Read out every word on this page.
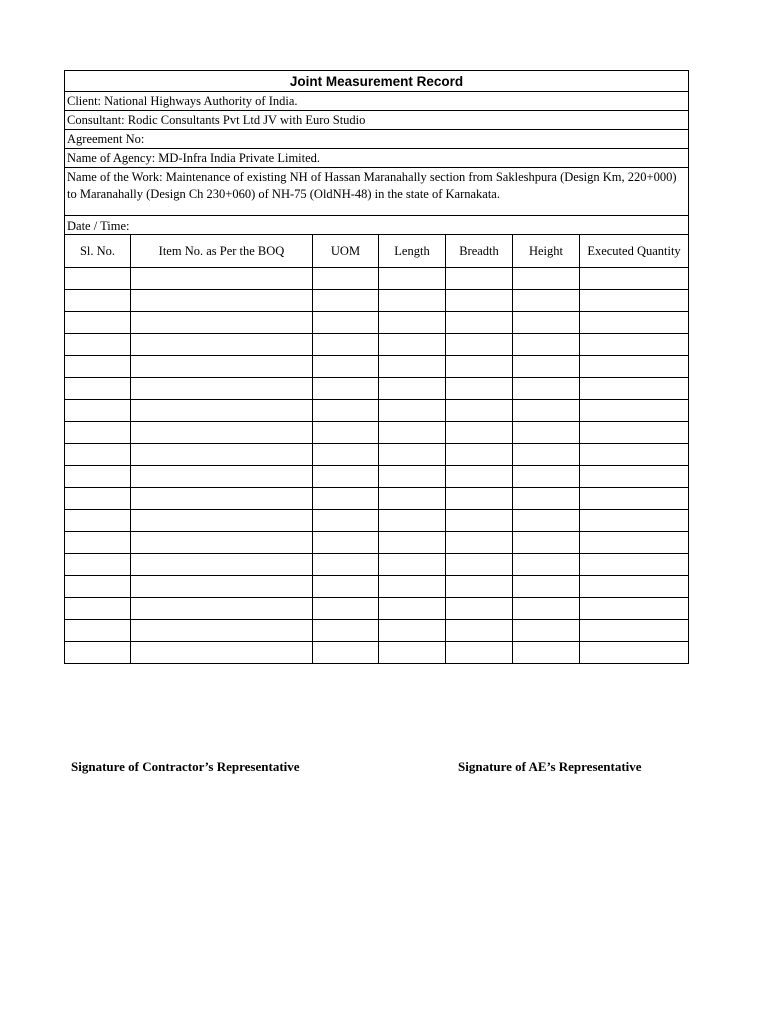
Joint Measurement Record						
Client: National Highways Authority of India.						
Consultant: Rodic Consultants Pvt Ltd JV with Euro Studio						
Agreement No:						
Name of Agency: MD-Infra India Private Limited.						
Name of the Work: Maintenance of existing NH of Hassan Maranahally section from Sakleshpura (Design Km, 220+000) to Maranahally (Design Ch 230+060) of NH-75 (OldNH-48) in the state of Karnakata.						
Date / Time:						
Sl. No.	Item No. as Per the BOQ	UOM	Length	Breadth	Height	Executed Quantity

Signature of Contractor’s Representative	Signature of AE’s Representative
